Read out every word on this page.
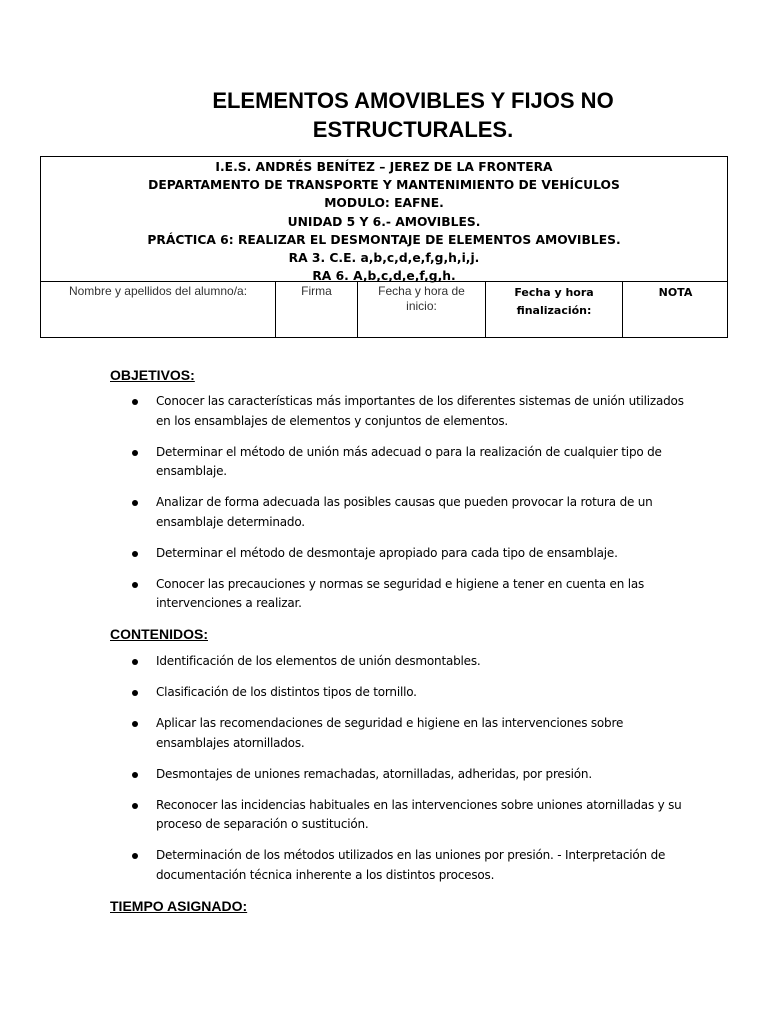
ELEMENTOS AMOVIBLES Y FIJOS NO
ESTRUCTURALES.
I.E.S. ANDRÉS BENÍTEZ – JEREZ DE LA FRONTERA
DEPARTAMENTO DE TRANSPORTE Y MANTENIMIENTO DE VEHÍCULOS
MODULO: EAFNE.
UNIDAD 5 Y 6.- AMOVIBLES.
PRÁCTICA 6: REALIZAR EL DESMONTAJE DE ELEMENTOS AMOVIBLES.
RA 3. C.E. a,b,c,d,e,f,g,h,i,j.
RA 6. A,b,c,d,e,f,g,h.
Nombre y apellidos del alumno/a:	Firma	Fecha y hora de
inicio:
Fecha y hora
finalización:
NOTA
OBJETIVOS:
Conocer las características más importantes de los diferentes sistemas de unión utilizados en los ensamblajes de elementos y conjuntos de elementos.
Determinar el método de unión más adecuad o para la realización de cualquier tipo de ensamblaje.
Analizar de forma adecuada las posibles causas que pueden provocar la rotura de un ensamblaje determinado.
Determinar el método de desmontaje apropiado para cada tipo de ensamblaje.
Conocer las precauciones y normas se seguridad e higiene a tener en cuenta en las intervenciones a realizar.
CONTENIDOS:
Identificación de los elementos de unión desmontables.
Clasificación de los distintos tipos de tornillo.
Aplicar las recomendaciones de seguridad e higiene en las intervenciones sobre ensamblajes atornillados.
Desmontajes de uniones remachadas, atornilladas, adheridas, por presión.
Reconocer las incidencias habituales en las intervenciones sobre uniones atornilladas y su proceso de separación o sustitución.
Determinación de los métodos utilizados en las uniones por presión. - Interpretación de documentación técnica inherente a los distintos procesos.
TIEMPO ASIGNADO:
